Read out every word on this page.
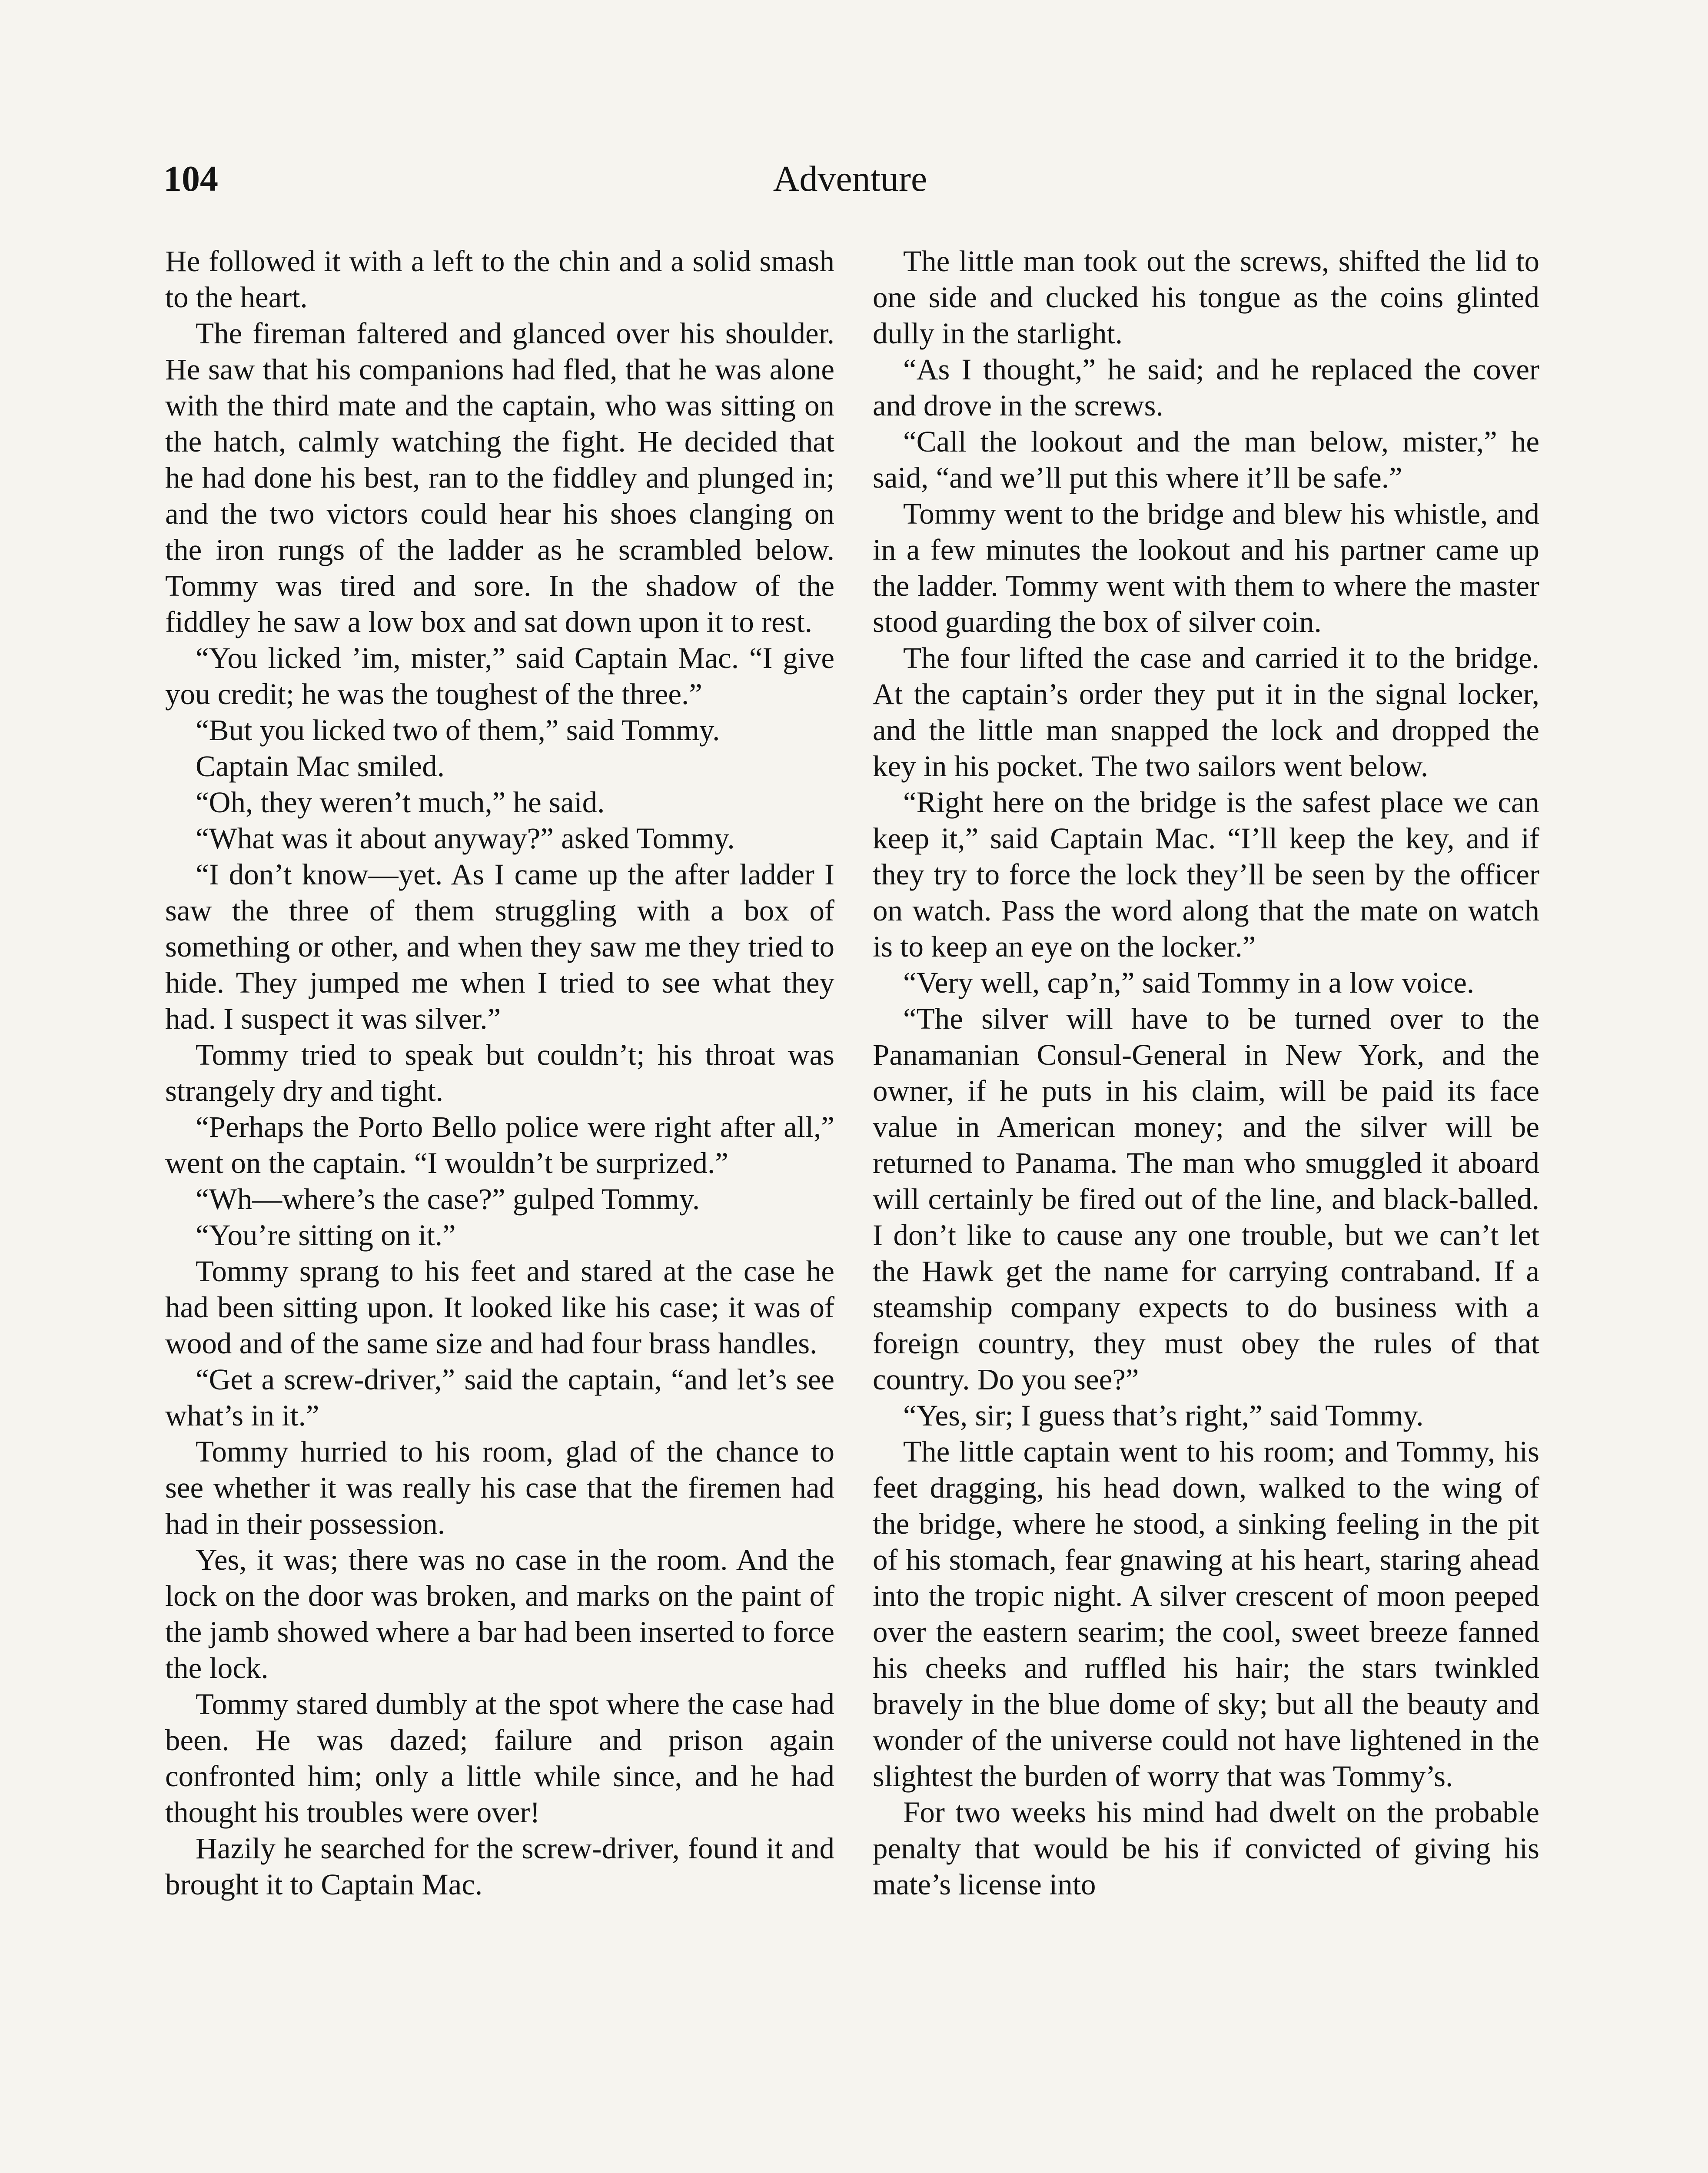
104	Adventure

He followed it with a left to the chin and a solid smash to the heart.

The fireman faltered and glanced over his shoulder. He saw that his companions had fled, that he was alone with the third mate and the captain, who was sitting on the hatch, calmly watching the fight. He decided that he had done his best, ran to the fiddley and plunged in; and the two victors could hear his shoes clanging on the iron rungs of the ladder as he scrambled below. Tommy was tired and sore. In the shadow of the fiddley he saw a low box and sat down upon it to rest.

“You licked ’im, mister,” said Captain Mac. “I give you credit; he was the toughest of the three.”

“But you licked two of them,” said Tommy.

Captain Mac smiled.

“Oh, they weren’t much,” he said.

“What was it about anyway?” asked Tommy.

“I don’t know—yet. As I came up the after ladder I saw the three of them struggling with a box of something or other, and when they saw me they tried to hide. They jumped me when I tried to see what they had. I suspect it was silver.”

Tommy tried to speak but couldn’t; his throat was strangely dry and tight.

“Perhaps the Porto Bello police were right after all,” went on the captain. “I wouldn’t be surprized.”

“Wh—where’s the case?” gulped Tommy.

“You’re sitting on it.”

Tommy sprang to his feet and stared at the case he had been sitting upon. It looked like his case; it was of wood and of the same size and had four brass handles.

“Get a screw-driver,” said the captain, “and let’s see what’s in it.”

Tommy hurried to his room, glad of the chance to see whether it was really his case that the firemen had had in their possession.

Yes, it was; there was no case in the room. And the lock on the door was broken, and marks on the paint of the jamb showed where a bar had been inserted to force the lock.

Tommy stared dumbly at the spot where the case had been. He was dazed; failure and prison again confronted him; only a little while since, and he had thought his troubles were over!

Hazily he searched for the screw-driver, found it and brought it to Captain Mac.

The little man took out the screws, shifted the lid to one side and clucked his tongue as the coins glinted dully in the starlight.

“As I thought,” he said; and he replaced the cover and drove in the screws.

“Call the lookout and the man below, mister,” he said, “and we’ll put this where it’ll be safe.”

Tommy went to the bridge and blew his whistle, and in a few minutes the lookout and his partner came up the ladder. Tommy went with them to where the master stood guarding the box of silver coin.

The four lifted the case and carried it to the bridge. At the captain’s order they put it in the signal locker, and the little man snapped the lock and dropped the key in his pocket. The two sailors went below.

“Right here on the bridge is the safest place we can keep it,” said Captain Mac. “I’ll keep the key, and if they try to force the lock they’ll be seen by the officer on watch. Pass the word along that the mate on watch is to keep an eye on the locker.”

“Very well, cap’n,” said Tommy in a low voice.

“The silver will have to be turned over to the Panamanian Consul-General in New York, and the owner, if he puts in his claim, will be paid its face value in American money; and the silver will be returned to Panama. The man who smuggled it aboard will certainly be fired out of the line, and black-balled. I don’t like to cause any one trouble, but we can’t let the Hawk get the name for carrying contraband. If a steamship company expects to do business with a foreign country, they must obey the rules of that country. Do you see?”

“Yes, sir; I guess that’s right,” said Tommy.

The little captain went to his room; and Tommy, his feet dragging, his head down, walked to the wing of the bridge, where he stood, a sinking feeling in the pit of his stomach, fear gnawing at his heart, staring ahead into the tropic night. A silver crescent of moon peeped over the eastern searim; the cool, sweet breeze fanned his cheeks and ruffled his hair; the stars twinkled bravely in the blue dome of sky; but all the beauty and wonder of the universe could not have lightened in the slightest the burden of worry that was Tommy’s.

For two weeks his mind had dwelt on the probable penalty that would be his if convicted of giving his mate’s license into
